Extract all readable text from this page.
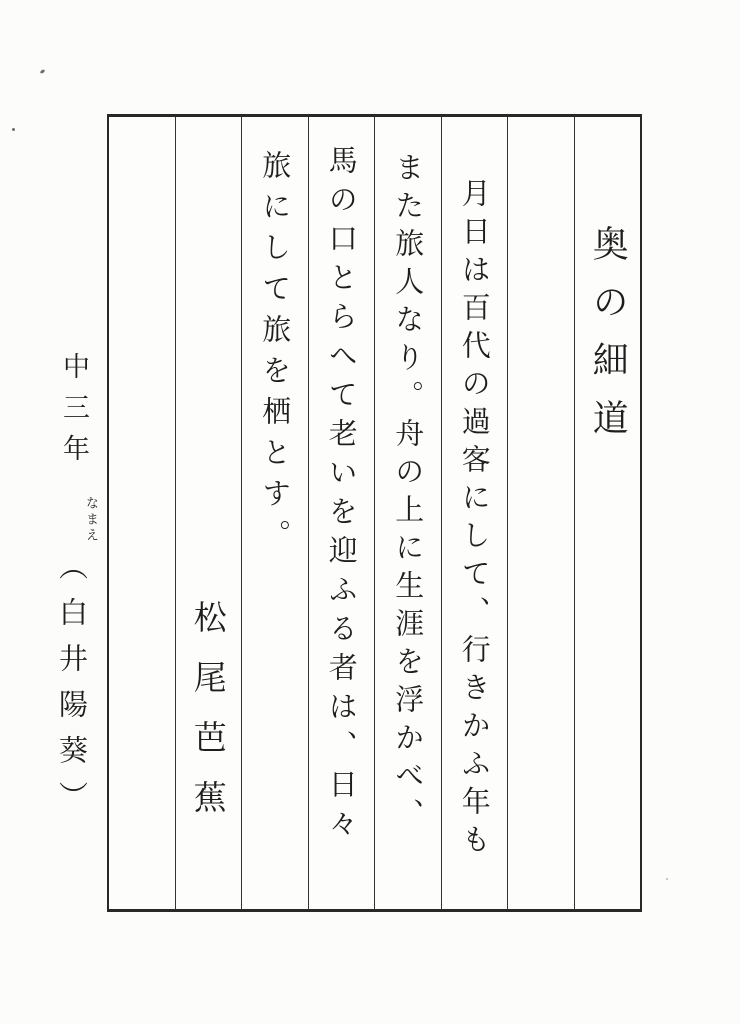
中三年
なまえ
（白井陽葵）
奥の細道
月日は百代の過客にして、行きかふ年も
また旅人なり。舟の上に生涯を浮かべ、
馬の口とらへて老いを迎ふる者は、日々
旅にして旅を栖とす。
松尾芭蕉
